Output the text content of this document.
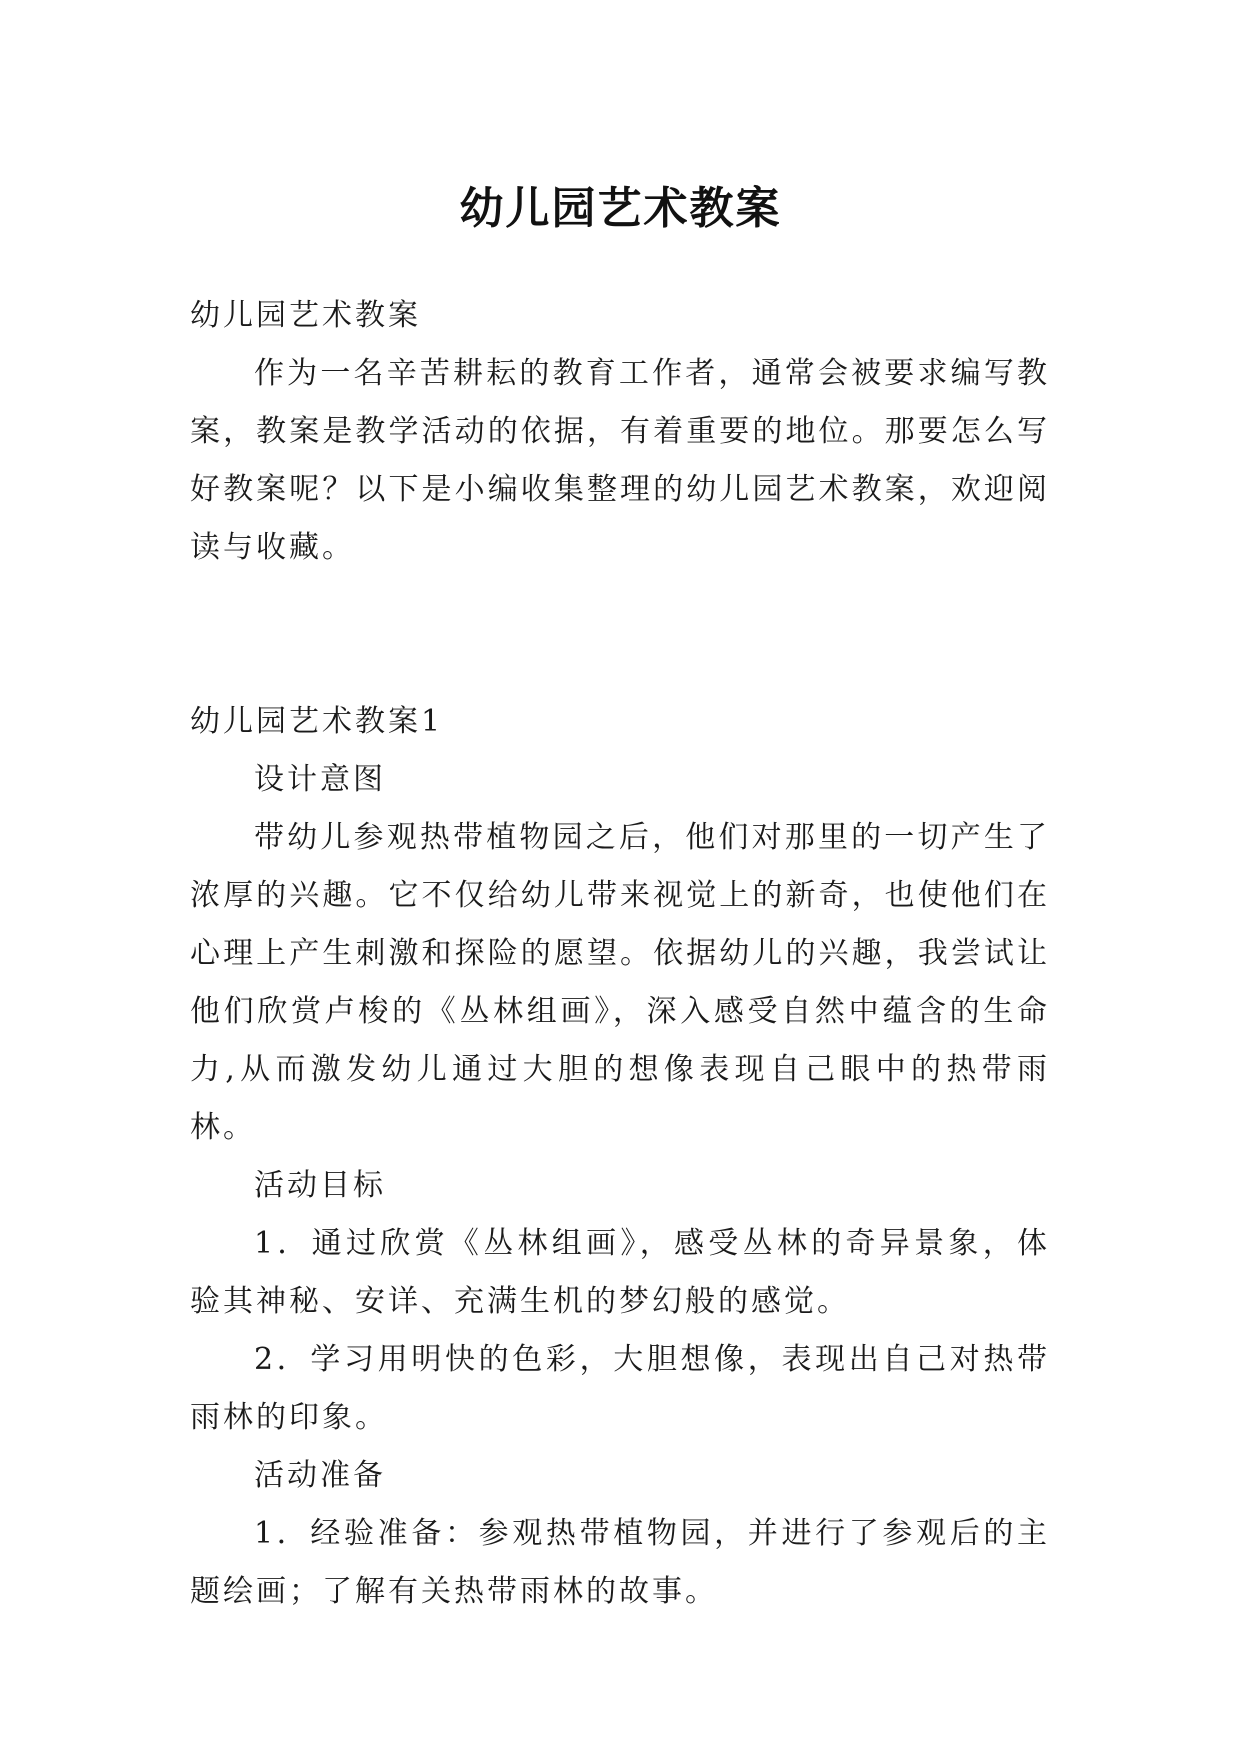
幼儿园艺术教案

幼儿园艺术教案

作为一名辛苦耕耘的教育工作者，通常会被要求编写教案，教案是教学活动的依据，有着重要的地位。那要怎么写好教案呢？以下是小编收集整理的幼儿园艺术教案，欢迎阅读与收藏。

幼儿园艺术教案1

设计意图

带幼儿参观热带植物园之后，他们对那里的一切产生了浓厚的兴趣。它不仅给幼儿带来视觉上的新奇，也使他们在心理上产生刺激和探险的愿望。依据幼儿的兴趣，我尝试让他们欣赏卢梭的《丛林组画》，深入感受自然中蕴含的生命力,从而激发幼儿通过大胆的想像表现自己眼中的热带雨林。

活动目标

1．通过欣赏《丛林组画》，感受丛林的奇异景象，体验其神秘、安详、充满生机的梦幻般的感觉。

2．学习用明快的色彩，大胆想像，表现出自己对热带雨林的印象。

活动准备

1．经验准备：参观热带植物园，并进行了参观后的主题绘画；了解有关热带雨林的故事。
